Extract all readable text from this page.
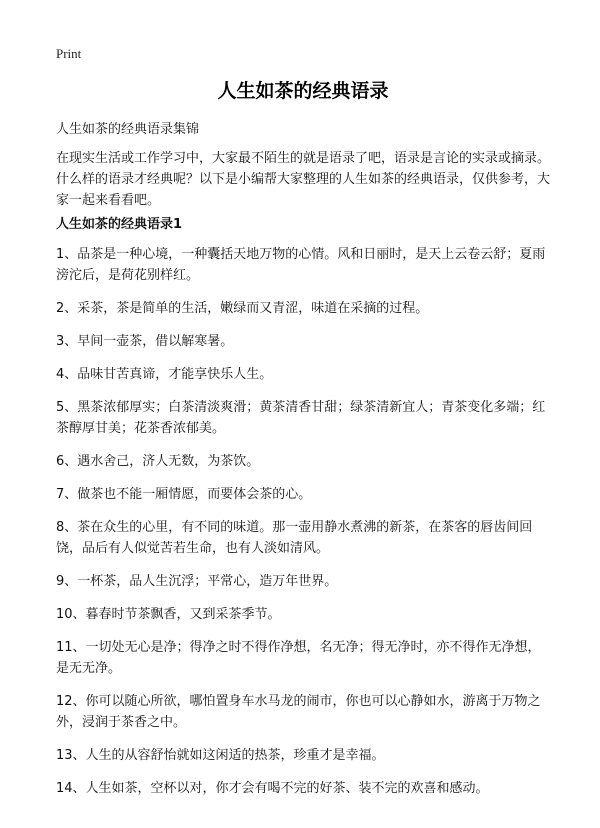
Print
人生如茶的经典语录

人生如茶的经典语录集锦

在现实生活或工作学习中，大家最不陌生的就是语录了吧，语录是言论的实录或摘录。什么样的语录才经典呢？以下是小编帮大家整理的人生如茶的经典语录，仅供参考，大家一起来看看吧。

人生如茶的经典语录1
1、品茶是一种心境，一种囊括天地万物的心情。风和日丽时，是天上云卷云舒；夏雨滂沱后，是荷花别样红。
2、采茶，茶是简单的生活，嫩绿而又青涩，味道在采摘的过程。
3、早间一壶茶，借以解寒暑。
4、品味甘苦真谛，才能享快乐人生。
5、黑茶浓郁厚实；白茶清淡爽滑；黄茶清香甘甜；绿茶清新宜人；青茶变化多端；红茶醇厚甘美；花茶香浓郁美。
6、遇水舍己，济人无数，为茶饮。
7、做茶也不能一厢情愿，而要体会茶的心。
8、茶在众生的心里，有不同的味道。那一壶用静水煮沸的新茶，在茶客的唇齿间回饶，品后有人似觉苦若生命，也有人淡如清风。
9、一杯茶，品人生沉浮；平常心，造万年世界。
10、暮春时节茶飘香，又到采茶季节。
11、一切处无心是净；得净之时不得作净想，名无净；得无净时，亦不得作无净想，是无无净。
12、你可以随心所欲，哪怕置身车水马龙的闹市，你也可以心静如水，游离于万物之外，浸润于茶香之中。
13、人生的从容舒怡就如这闲适的热茶，珍重才是幸福。
14、人生如茶，空杯以对，你才会有喝不完的好茶、装不完的欢喜和感动。
